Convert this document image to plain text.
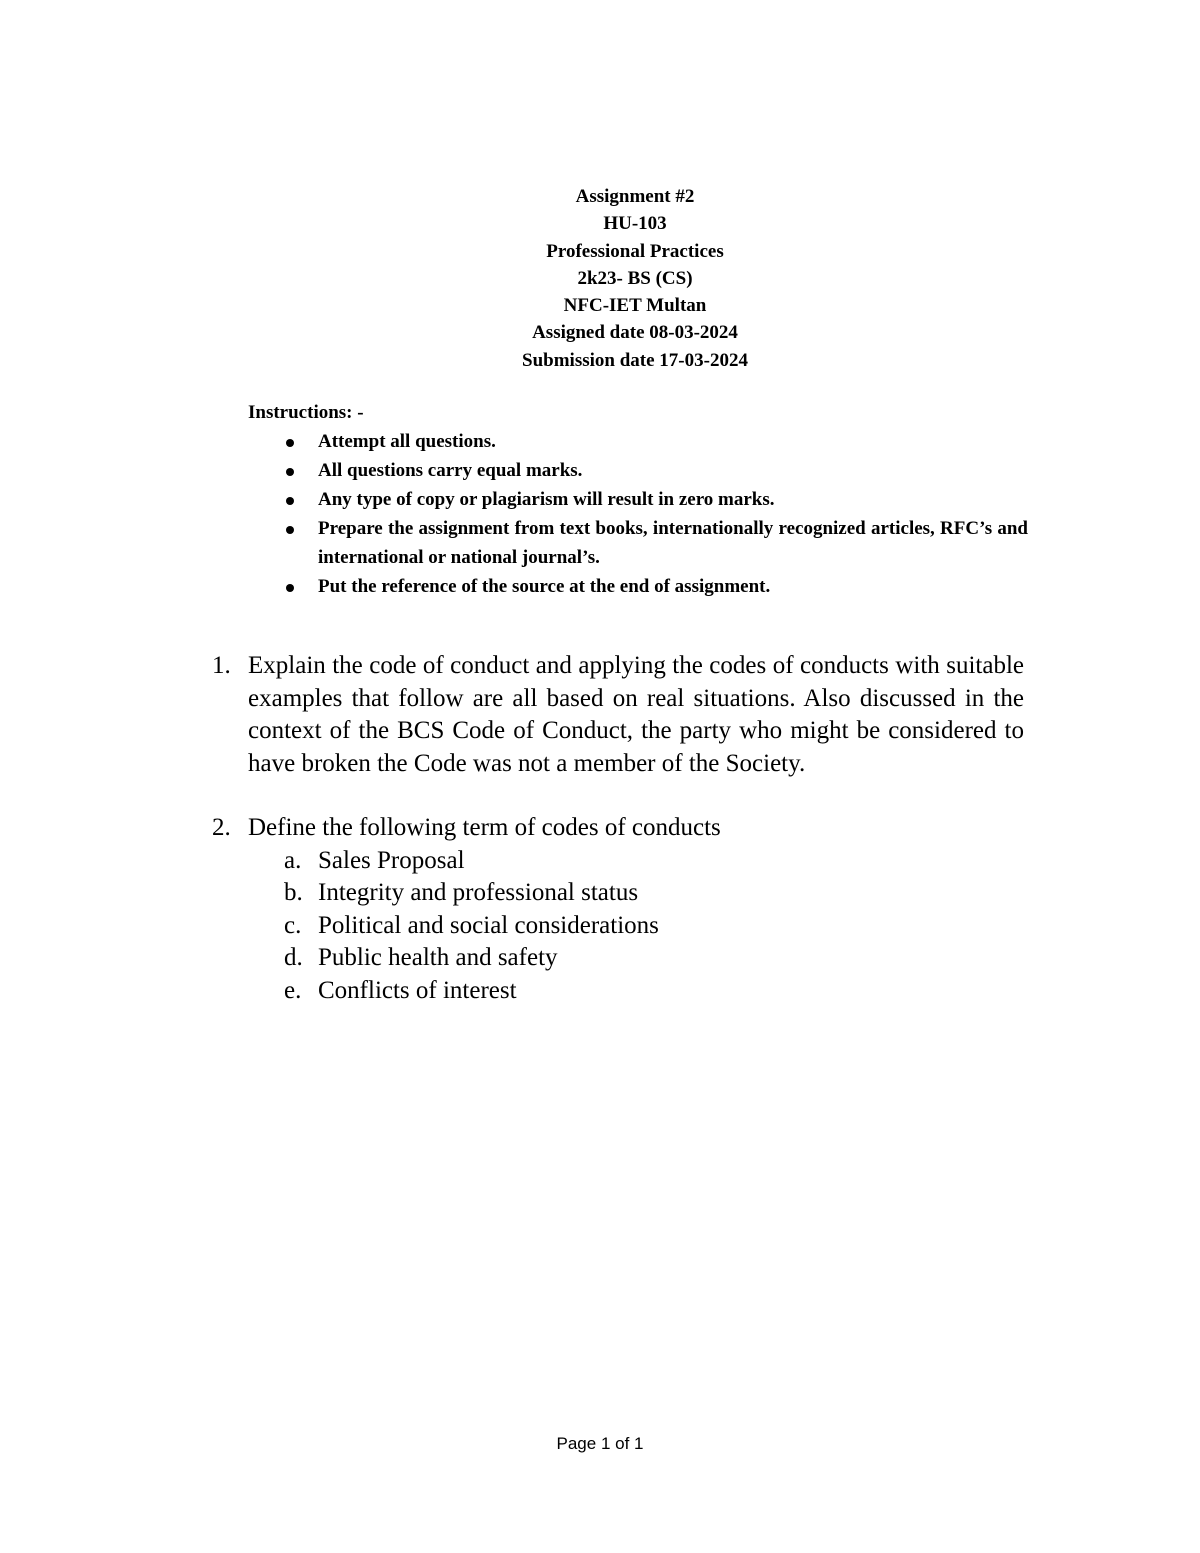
Assignment #2
HU-103
Professional Practices
2k23- BS (CS)
NFC-IET Multan
Assigned date 08-03-2024
Submission date 17-03-2024
Instructions: -
Attempt all questions.
All questions carry equal marks.
Any type of copy or plagiarism will result in zero marks.
Prepare the assignment from text books, internationally recognized articles, RFC’s and international or national journal’s.
Put the reference of the source at the end of assignment.
1. Explain the code of conduct and applying the codes of conducts with suitable examples that follow are all based on real situations. Also discussed in the context of the BCS Code of Conduct, the party who might be considered to have broken the Code was not a member of the Society.
2. Define the following term of codes of conducts
a. Sales Proposal
b. Integrity and professional status
c. Political and social considerations
d. Public health and safety
e. Conflicts of interest
Page 1 of 1
